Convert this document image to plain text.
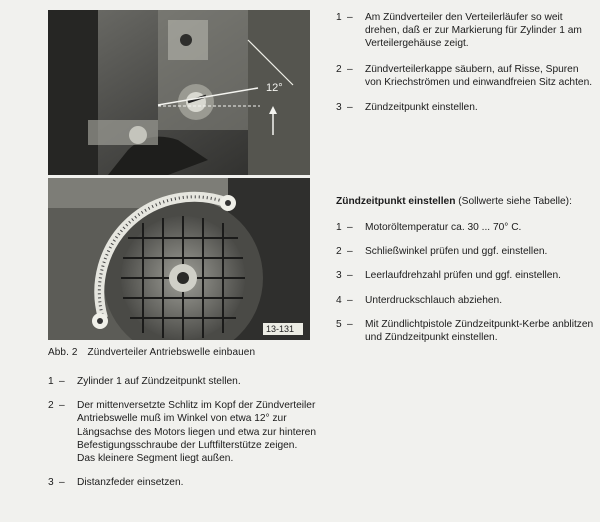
12°
13-131
Abb. 2 Zündverteiler Antriebswelle einbauen
1 –	Zylinder 1 auf Zündzeitpunkt stellen.
2 –	Der mittenversetzte Schlitz im Kopf der Zündverteiler Antriebswelle muß im Winkel von etwa 12° zur Längsachse des Motors liegen und etwa zur hinteren Befestigungsschraube der Luftfilterstütze zeigen. Das kleinere Segment liegt außen.
3 –	Distanzfeder einsetzen.
1 –	Am Zündverteiler den Verteilerläufer so weit drehen, daß er zur Markierung für Zylinder 1 am Verteilergehäuse zeigt.
2 –	Zündverteilerkappe säubern, auf Risse, Spuren von Kriechströmen und einwandfreien Sitz achten.
3 –	Zündzeitpunkt einstellen.
Zündzeitpunkt einstellen (Sollwerte siehe Tabelle):
1 –	Motoröltemperatur ca. 30 ... 70° C.
2 –	Schließwinkel prüfen und ggf. einstellen.
3 –	Leerlaufdrehzahl prüfen und ggf. einstellen.
4 –	Unterdruckschlauch abziehen.
5 –	Mit Zündlichtpistole Zündzeitpunkt-Kerbe anblitzen und Zündzeitpunkt einstellen.
